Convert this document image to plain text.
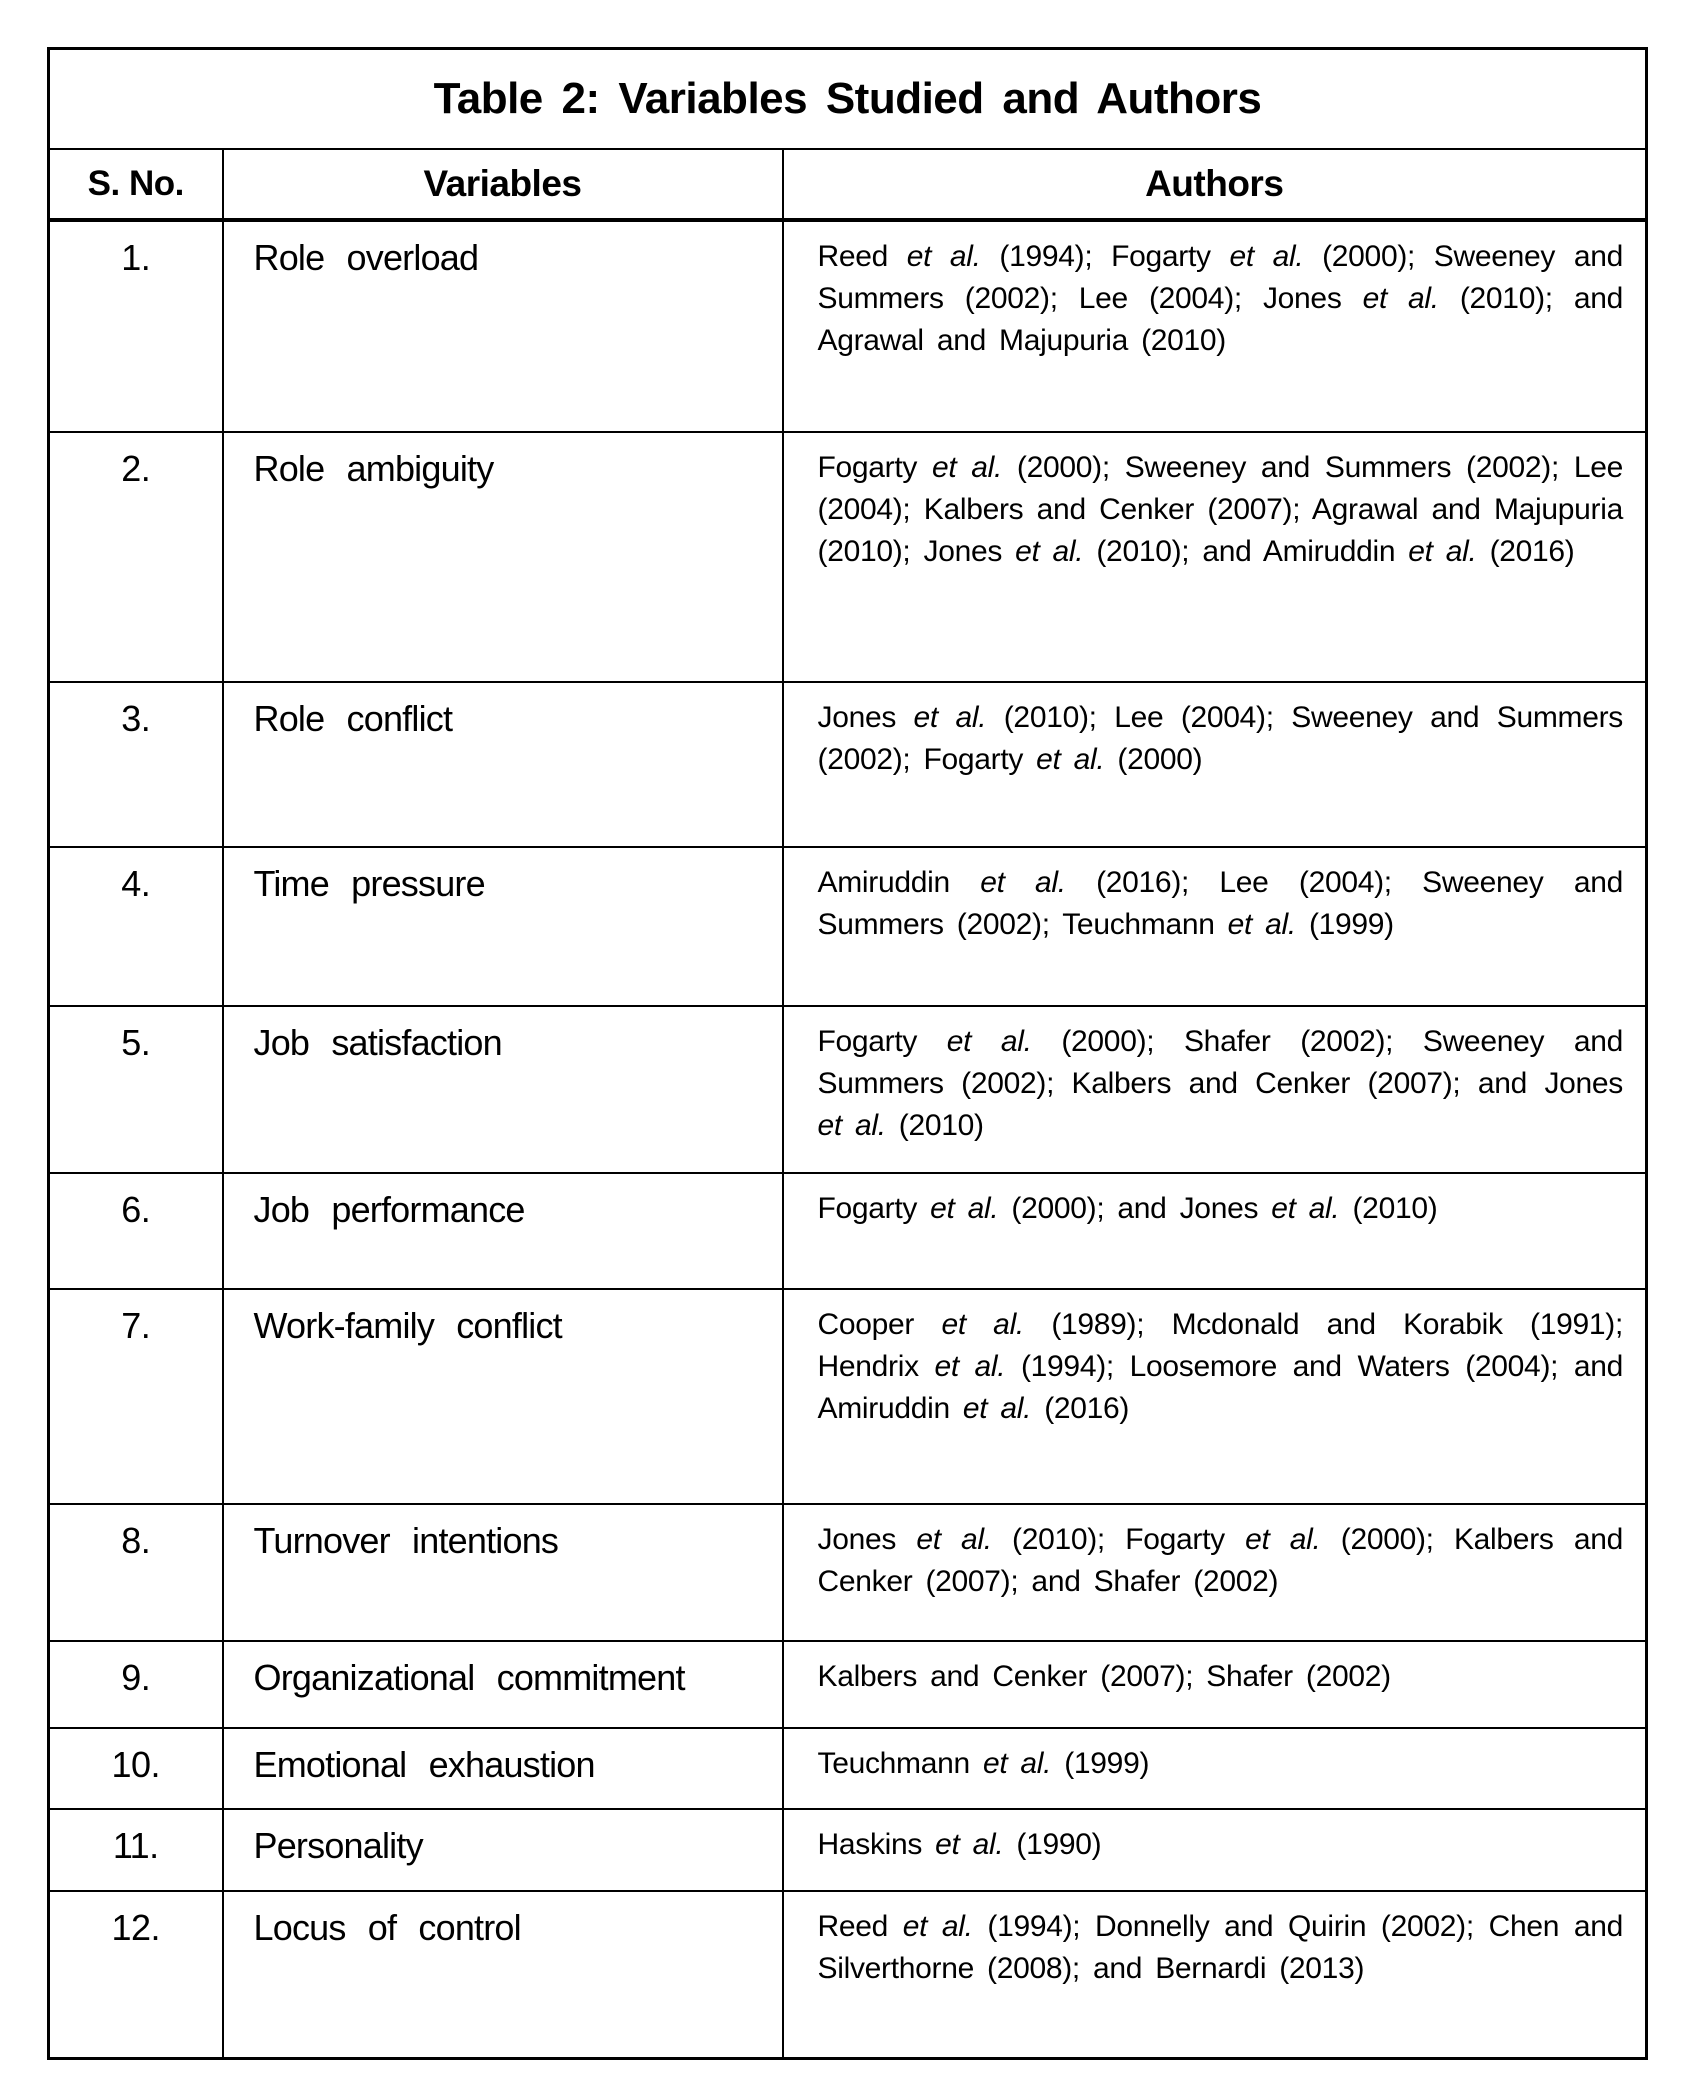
Table 2: Variables Studied and Authors		
S. No.	Variables	Authors
1.	Role overload	Reed et al. (1994); Fogarty et al. (2000); Sweeney and Summers (2002); Lee (2004); Jones et al. (2010); and Agrawal and Majupuria (2010)
2.	Role ambiguity	Fogarty et al. (2000); Sweeney and Summers (2002); Lee (2004); Kalbers and Cenker (2007); Agrawal and Majupuria (2010); Jones et al. (2010); and Amiruddin et al. (2016)
3.	Role conflict	Jones et al. (2010); Lee (2004); Sweeney and Summers (2002); Fogarty et al. (2000)
4.	Time pressure	Amiruddin et al. (2016); Lee (2004); Sweeney and Summers (2002); Teuchmann et al. (1999)
5.	Job satisfaction	Fogarty et al. (2000); Shafer (2002); Sweeney and Summers (2002); Kalbers and Cenker (2007); and Jones et al. (2010)
6.	Job performance	Fogarty et al. (2000); and Jones et al. (2010)
7.	Work-family conflict	Cooper et al. (1989); Mcdonald and Korabik (1991); Hendrix et al. (1994); Loosemore and Waters (2004); and Amiruddin et al. (2016)
8.	Turnover intentions	Jones et al. (2010); Fogarty et al. (2000); Kalbers and Cenker (2007); and Shafer (2002)
9.	Organizational commitment	Kalbers and Cenker (2007); Shafer (2002)
10.	Emotional exhaustion	Teuchmann et al. (1999)
11.	Personality	Haskins et al. (1990)
12.	Locus of control	Reed et al. (1994); Donnelly and Quirin (2002); Chen and Silverthorne (2008); and Bernardi (2013)
